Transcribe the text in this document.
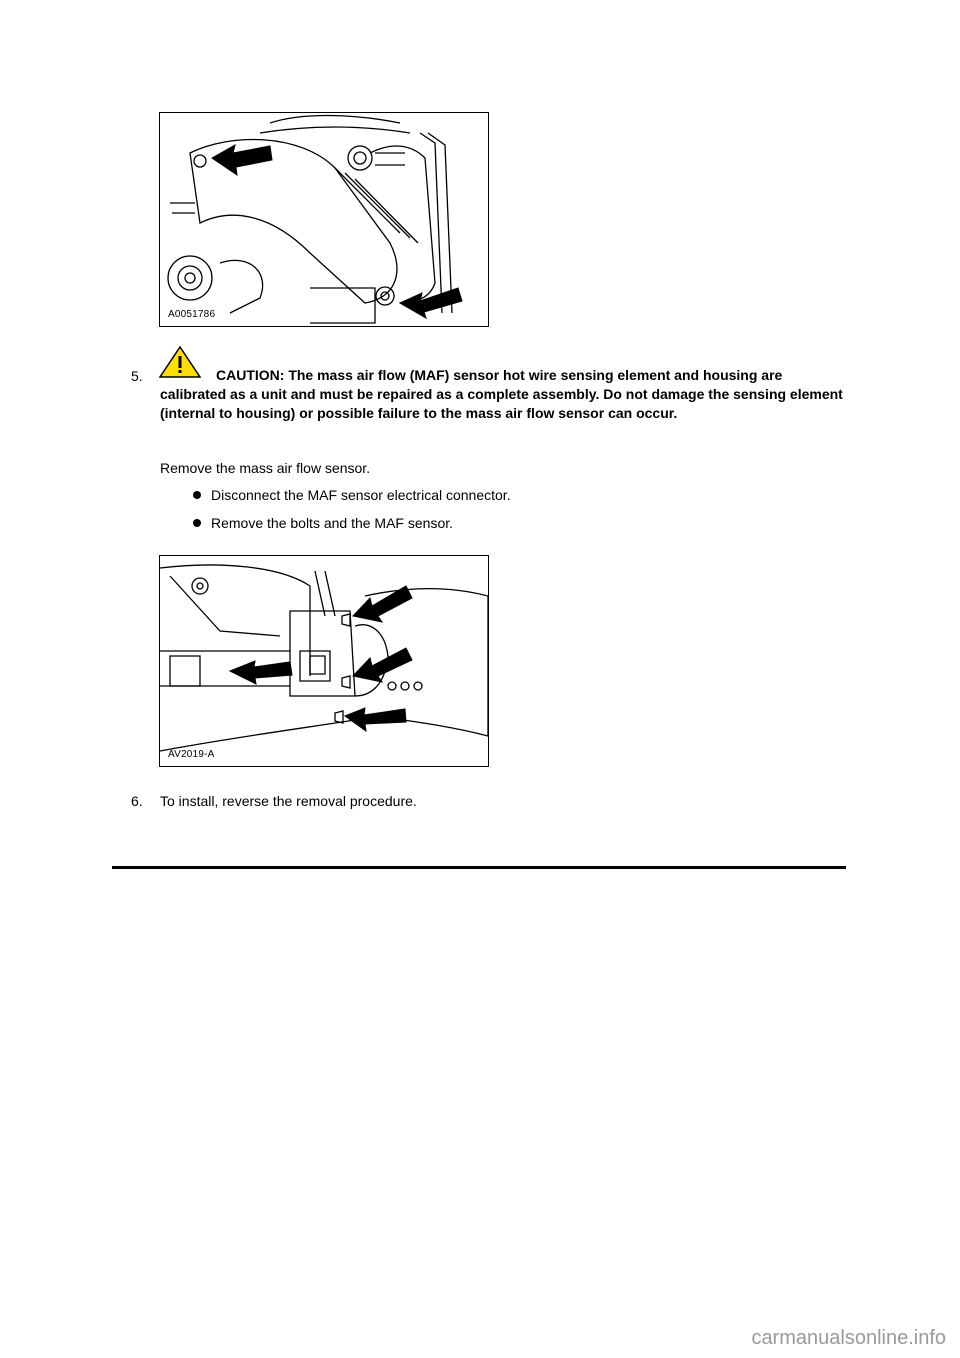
A0051786
5.	CAUTION: The mass air flow (MAF) sensor hot wire sensing element and housing are calibrated as a unit and must be repaired as a complete assembly. Do not damage the sensing element (internal to housing) or possible failure to the mass air flow sensor can occur.
Remove the mass air flow sensor.
Disconnect the MAF sensor electrical connector.
Remove the bolts and the MAF sensor.
AV2019-A
6. To install, reverse the removal procedure.
carmanualsonline.info
